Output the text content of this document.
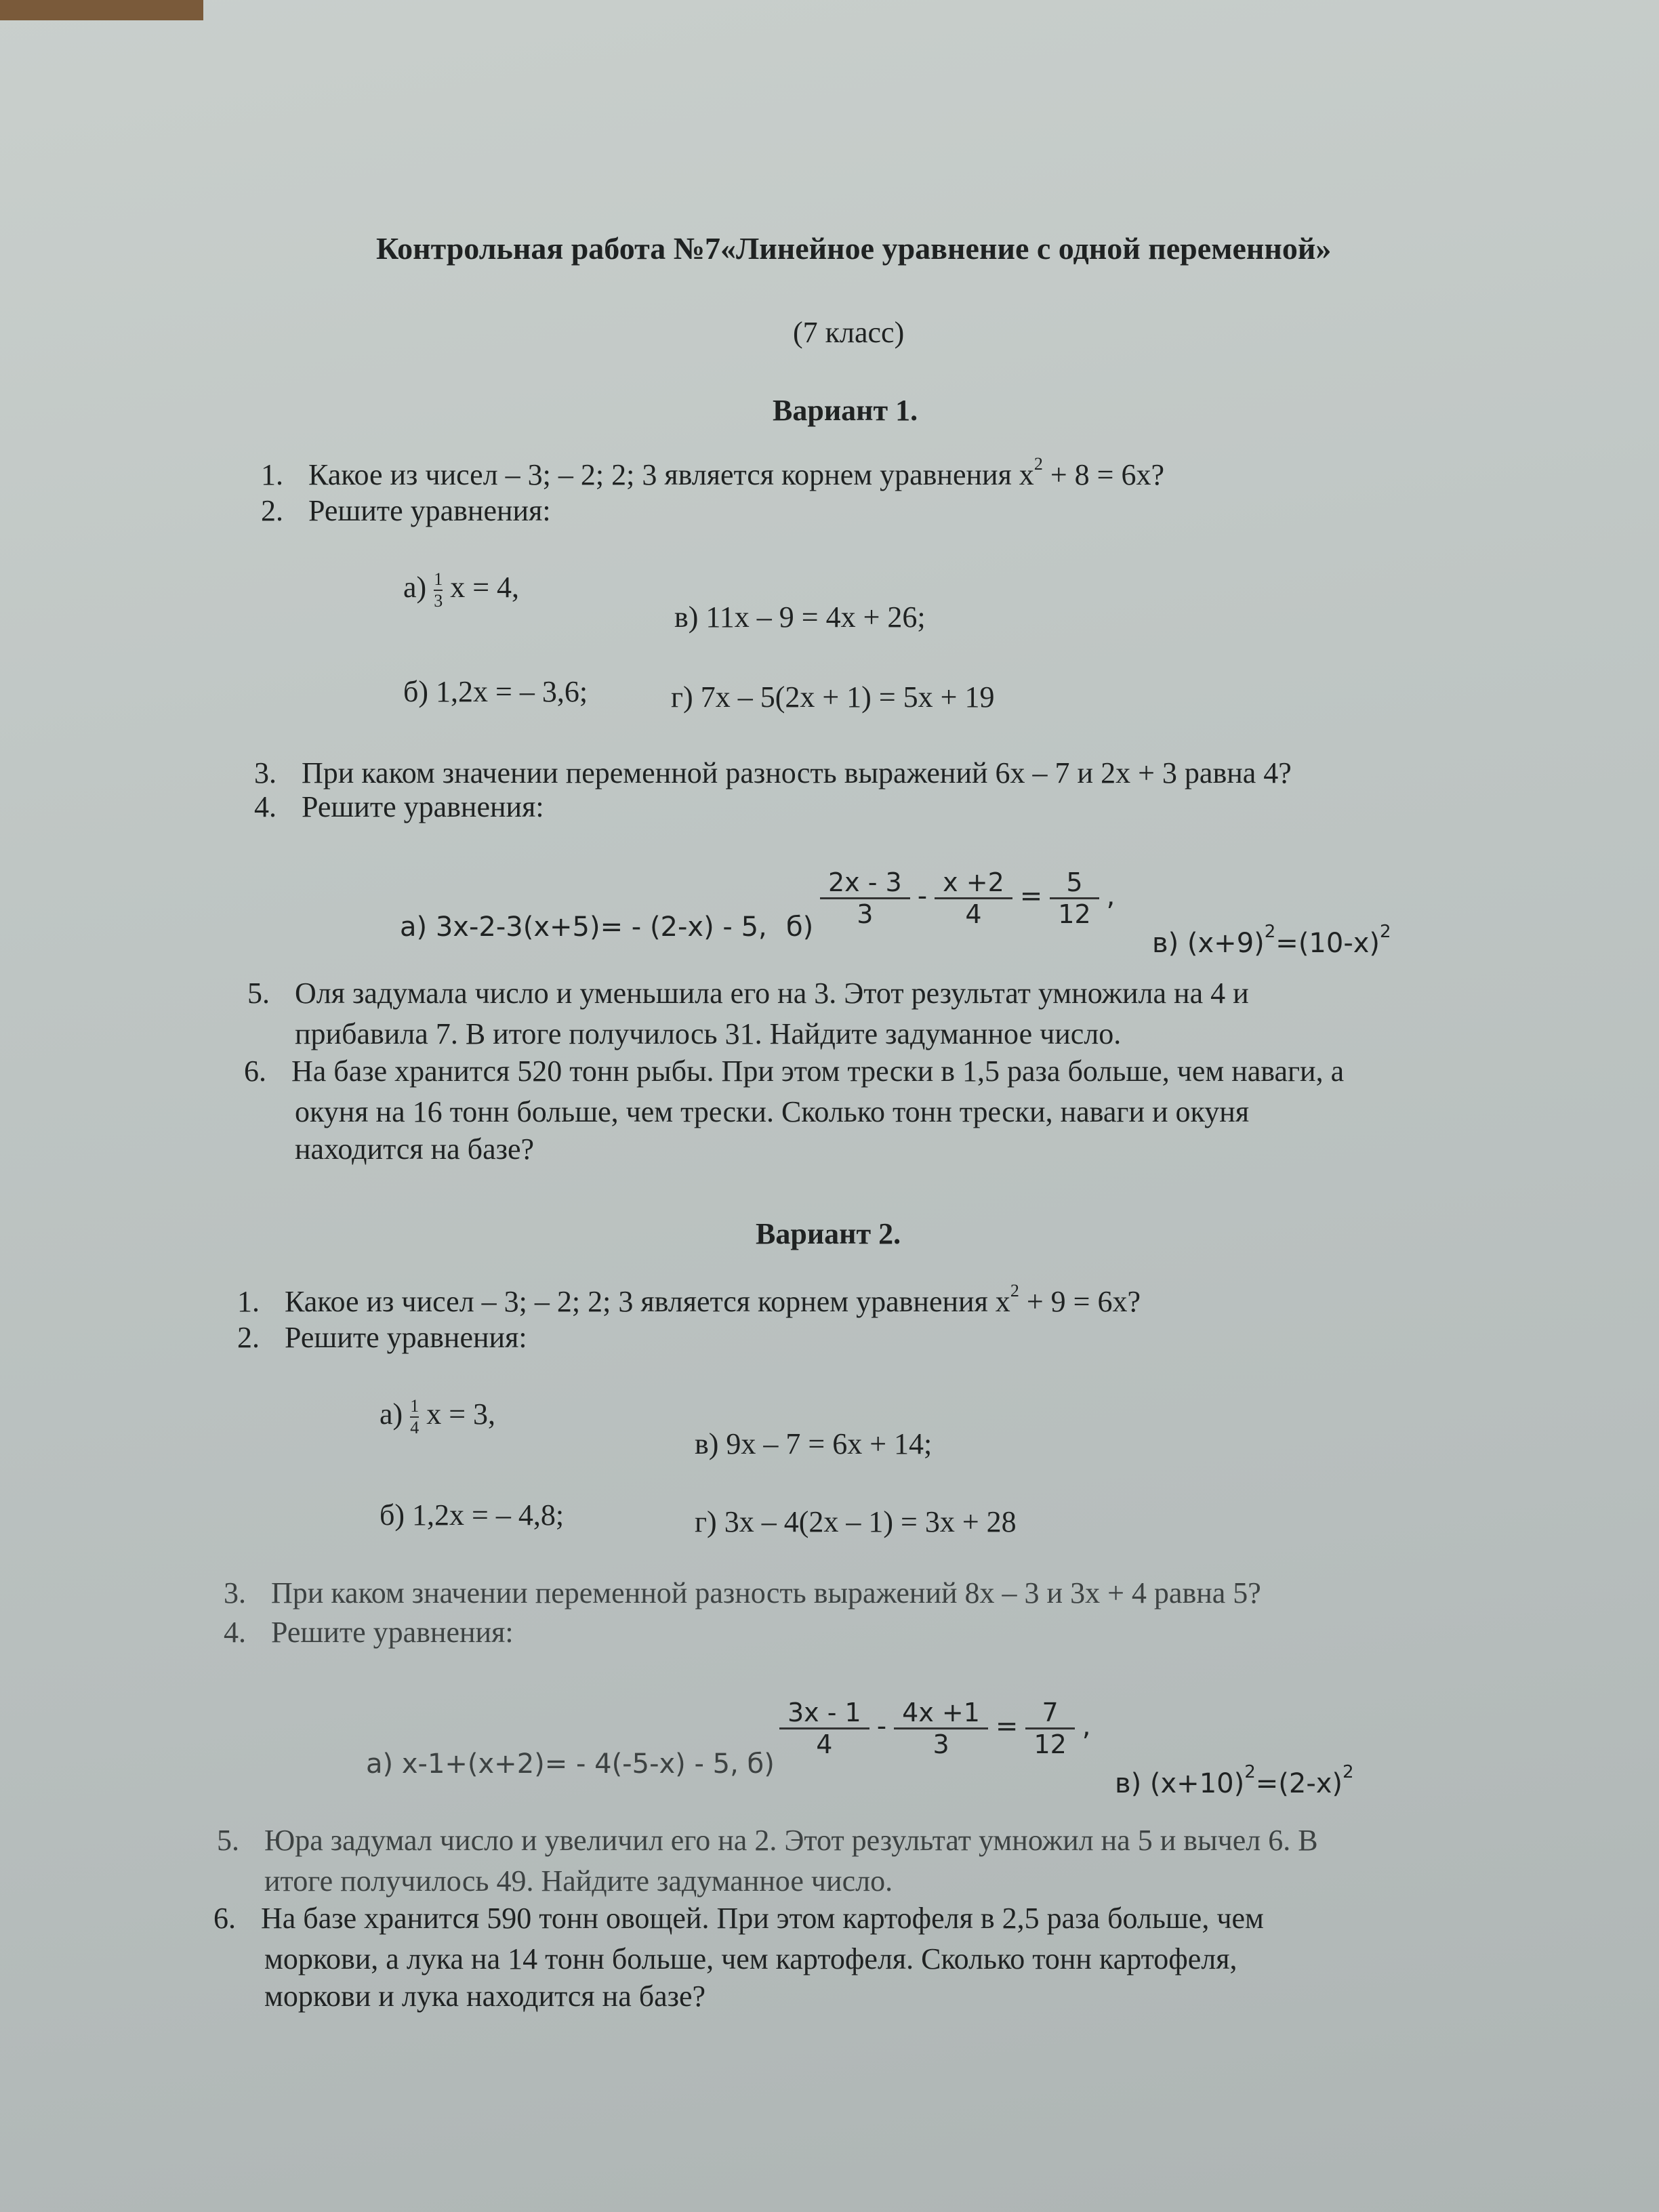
Контрольная работа №7«Линейное уравнение с одной переменной»
(7 класс)
Вариант 1.
1. Какое из чисел – 3; – 2; 2; 3 является корнем уравнения $x^2 + 8 = 6x$?
2. Решите уравнения:
$а) \frac{1}{3}$ x = 4,
в) 11x – 9 = 4x + 26;
б) 1,2x = – 3,6;	г) 7x – 5(2x + 1) = 5x + 19
3. При каком значении переменной разность выражений 6x – 7 и 2x + 3 равна 4?
4. Решите уравнения:
а) 3x-2-3(x+5)= - (2-x) - 5, $б) \frac{2x - 3}{3} - \frac{x +2}{4} = \frac{5}{12}$ ,
в) $(x+9)^2=(10-x)^2$
5. Оля задумала число и уменьшила его на 3. Этот результат умножила на 4 и
прибавила 7. В итоге получилось 31. Найдите задуманное число.
6. На базе хранится 520 тонн рыбы. При этом трески в 1,5 раза больше, чем наваги, а
окуня на 16 тонн больше, чем трески. Сколько тонн трески, наваги и окуня
находится на базе?
Вариант 2.
1. Какое из чисел – 3; – 2; 2; 3 является корнем уравнения $x^2 + 9 = 6x$?
2. Решите уравнения:
$а) \frac{1}{4}$ x = 3,
в) 9x – 7 = 6x + 14;
б) 1,2x = – 4,8;	г) 3x – 4(2x – 1) = 3x + 28
3. При каком значении переменной разность выражений 8x – 3 и 3x + 4 равна 5?
4. Решите уравнения:
а) x-1+(x+2)= - 4(-5-x) - 5, б)
$\frac{3x - 1}{4} - \frac{4x +1}{3} = \frac{7}{12}$ ,
в) $(x+10)^2=(2-x)^2$
5. Юра задумал число и увеличил его на 2. Этот результат умножил на 5 и вычел 6. В
итоге получилось 49. Найдите задуманное число.
6. На базе хранится 590 тонн овощей. При этом картофеля в 2,5 раза больше, чем
моркови, а лука на 14 тонн больше, чем картофеля. Сколько тонн картофеля,
моркови и лука находится на базе?
